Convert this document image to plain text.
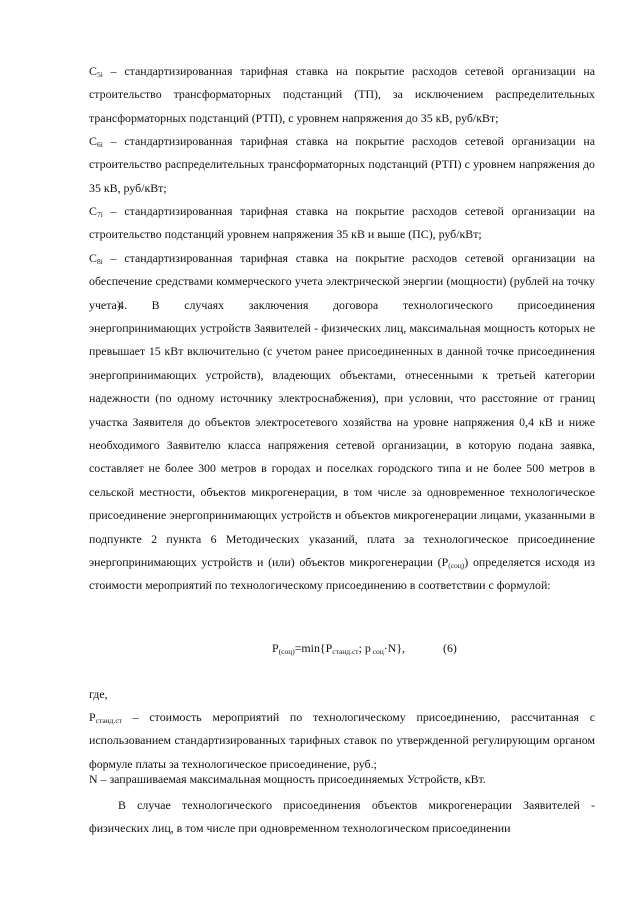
$C_{5i}$ – стандартизированная тарифная ставка на покрытие расходов сетевой организации на строительство трансформаторных подстанций (ТП), за исключением распределительных трансформаторных подстанций (РТП), с уровнем напряжения до 35 кВ, руб/кВт;

$C_{6i}$ – стандартизированная тарифная ставка на покрытие расходов сетевой организации на строительство распределительных трансформаторных подстанций (РТП) с уровнем напряжения до 35 кВ, руб/кВт;

$C_{7i}$ – стандартизированная тарифная ставка на покрытие расходов сетевой организации на строительство подстанций уровнем напряжения 35 кВ и выше (ПС), руб/кВт;

$C_{8i}$ – стандартизированная тарифная ставка на покрытие расходов сетевой организации на обеспечение средствами коммерческого учета электрической энергии (мощности) (рублей на точку учета).

4. В случаях заключения договора технологического присоединения

энергопринимающих устройств Заявителей - физических лиц, максимальная мощность которых не превышает 15 кВт включительно (с учетом ранее присоединенных в данной точке присоединения энергопринимающих устройств), владеющих объектами, отнесенными к третьей категории надежности (по одному источнику электроснабжения), при условии, что расстояние от границ участка Заявителя до объектов электросетевого хозяйства на уровне напряжения 0,4 кВ и ниже необходимого Заявителю класса напряжения сетевой организации, в которую подана заявка, составляет не более 300 метров в городах и поселках городского типа и не более 500 метров в сельской местности, объектов микрогенерации, в том числе за одновременное технологическое присоединение энергопринимающих устройств и объектов микрогенерации лицами, указанными в подпункте 2 пункта 6 Методических указаний, плата за технологическое присоединение энергопринимающих устройств и (или) объектов микрогенерации $(P_{(соц)})$ определяется исходя из стоимости мероприятий по технологическому присоединению в соответствии с формулой:

$P_{(соц)}=\min\{P_{станд.ст}$; p $_{соц}$·N},	(6)

где,

$P_{станд.ст}$ – стоимость мероприятий по технологическому присоединению, рассчитанная с использованием стандартизированных тарифных ставок по утвержденной регулирующим органом формуле платы за технологическое присоединение, руб.;

N – запрашиваемая максимальная мощность присоединяемых Устройств, кВт.

В случае технологического присоединения объектов микрогенерации Заявителей - физических лиц, в том числе при одновременном технологическом присоединении
